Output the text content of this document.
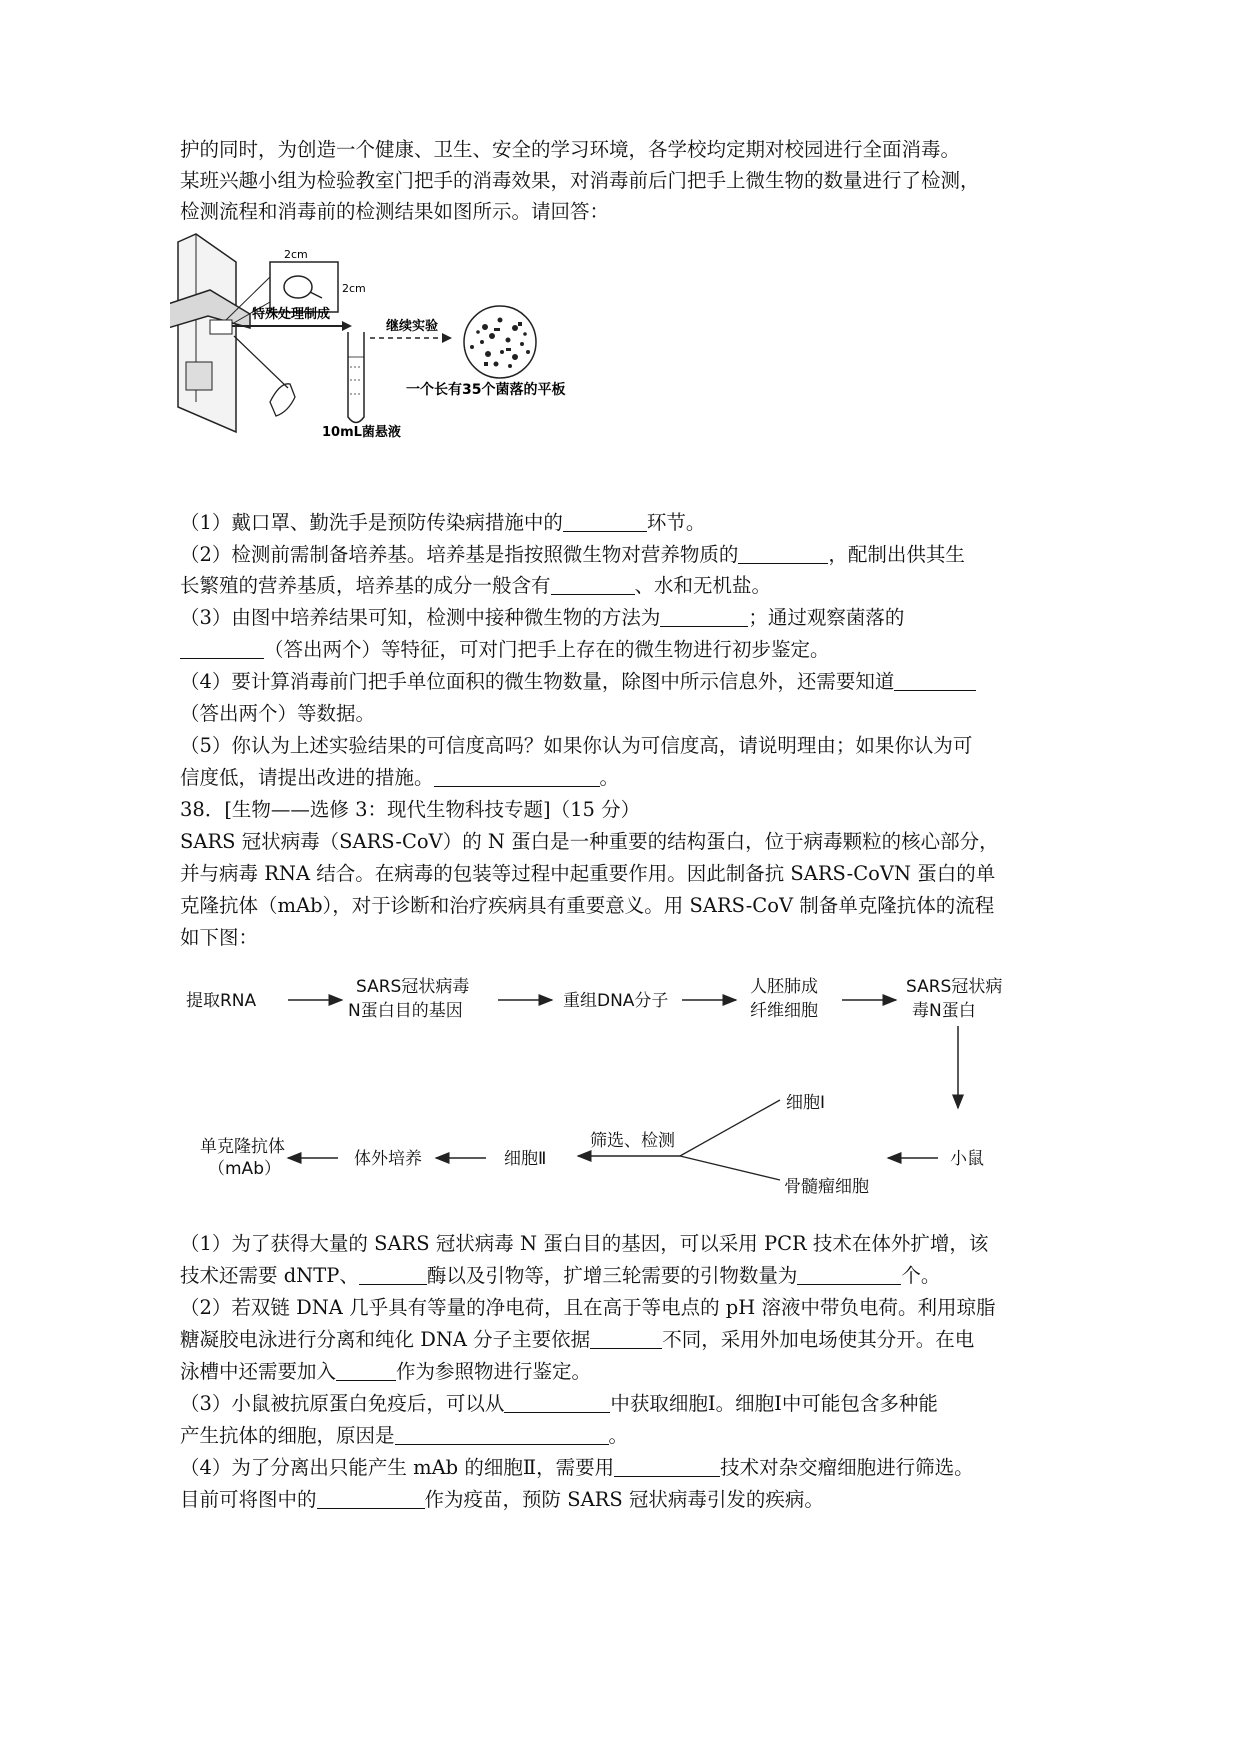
护的同时，为创造一个健康、卫生、安全的学习环境，各学校均定期对校园进行全面消毒。
某班兴趣小组为检验教室门把手的消毒效果，对消毒前后门把手上微生物的数量进行了检测，
检测流程和消毒前的检测结果如图所示。请回答：
2cm
2cm
特殊处理制成
10mL菌悬液
继续实验
一个长有35个菌落的平板
（1）戴口罩、勤洗手是预防传染病措施中的	环节。
（2）检测前需制备培养基。培养基是指按照微生物对营养物质的	，配制出供其生
长繁殖的营养基质，培养基的成分一般含有	、水和无机盐。
（3）由图中培养结果可知，检测中接种微生物的方法为	；通过观察菌落的
（答出两个）等特征，可对门把手上存在的微生物进行初步鉴定。
（4）要计算消毒前门把手单位面积的微生物数量，除图中所示信息外，还需要知道
（答出两个）等数据。
（5）你认为上述实验结果的可信度高吗？如果你认为可信度高，请说明理由；如果你认为可
信度低，请提出改进的措施。	。
38．[生物——选修 3：现代生物科技专题]（15 分）
SARS 冠状病毒（SARS-CoV）的 N 蛋白是一种重要的结构蛋白，位于病毒颗粒的核心部分，
并与病毒 RNA 结合。在病毒的包装等过程中起重要作用。因此制备抗 SARS-CoVN 蛋白的单
克隆抗体（mAb），对于诊断和治疗疾病具有重要意义。用 SARS-CoV 制备单克隆抗体的流程
如下图：
提取RNA
SARS冠状病毒
N蛋白目的基因	重组DNA分子
人胚肺成
纤维细胞
SARS冠状病
毒N蛋白
小鼠
细胞Ⅰ
骨髓瘤细胞
筛选、检测
细胞Ⅱ
体外培养
单克隆抗体
（mAb）
（1）为了获得大量的 SARS 冠状病毒 N 蛋白目的基因，可以采用 PCR 技术在体外扩增，该
技术还需要 dNTP、	酶以及引物等，扩增三轮需要的引物数量为	个。
（2）若双链 DNA 几乎具有等量的净电荷，且在高于等电点的 pH 溶液中带负电荷。利用琼脂
糖凝胶电泳进行分离和纯化 DNA 分子主要依据	不同，采用外加电场使其分开。在电
泳槽中还需要加入	作为参照物进行鉴定。
（3）小鼠被抗原蛋白免疫后，可以从	中获取细胞Ⅰ。细胞Ⅰ中可能包含多种能
产生抗体的细胞，原因是	。
（4）为了分离出只能产生 mAb 的细胞Ⅱ，需要用	技术对杂交瘤细胞进行筛选。
目前可将图中的	作为疫苗，预防 SARS 冠状病毒引发的疾病。
